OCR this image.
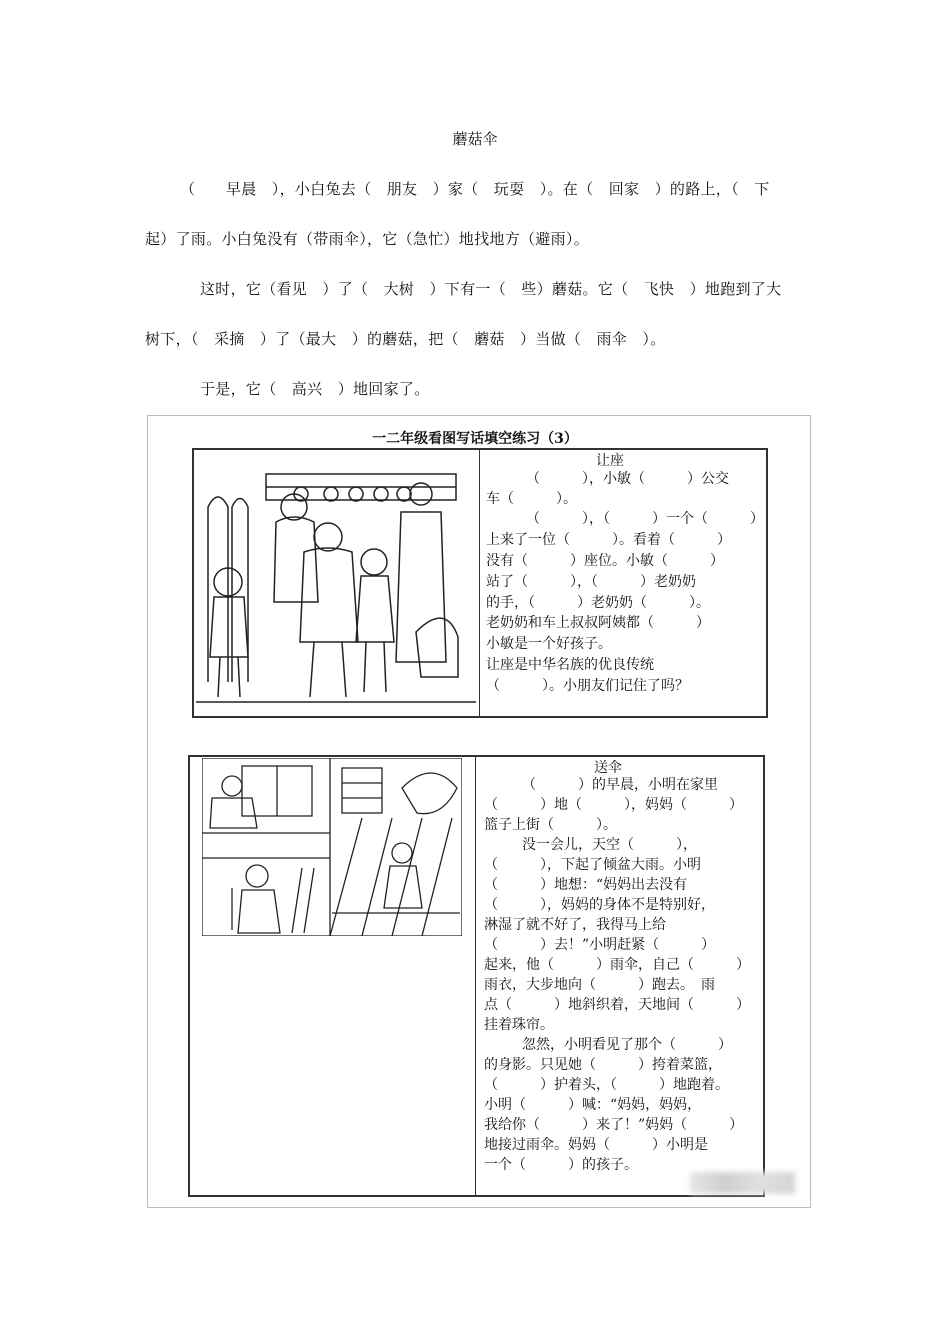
蘑菇伞
（　　早晨　），小白兔去（　朋友　）家（　玩耍　）。在（　回家　）的路上，（　下
起）了雨。小白兔没有（带雨伞），它（急忙）地找地方（避雨）。
这时，它（看见　）了（　大树　）下有一（　些）蘑菇。它（　飞快　）地跑到了大
树下，（　采摘　）了（最大　）的蘑菇，把（　蘑菇　）当做（　雨伞　）。
于是，它（　高兴　）地回家了。
一二年级看图写话填空练习（3）
让座
（　　　），小敏（　　　）公交
车（　　　）。
（　　　），（　　　）一个（　　　）
上来了一位（　　　）。看着（　　　）
没有（　　　）座位。小敏（　　　）
站了（　　　），（　　　）老奶奶
的手，（　　　）老奶奶（　　　）。
老奶奶和车上叔叔阿姨都（　　　）
小敏是一个好孩子。
让座是中华名族的优良传统
（　　　）。小朋友们记住了吗？
送伞
（　　　）的早晨，小明在家里
（　　　）地（　　　），妈妈（　　　）
篮子上街（　　　）。
没一会儿，天空（　　　），
（　　　），下起了倾盆大雨。小明
（　　　）地想：“妈妈出去没有
（　　　），妈妈的身体不是特别好，
淋湿了就不好了，我得马上给
（　　　）去！”小明赶紧（　　　）
起来，他（　　　）雨伞，自己（　　　）
雨衣，大步地向（　　　）跑去。　雨
点（　　　）地斜织着，天地间（　　　）
挂着珠帘。
忽然，小明看见了那个（　　　）
的身影。只见她（　　　）挎着菜篮，
（　　　）护着头，（　　　）地跑着。
小明（　　　）喊：“妈妈，妈妈，
我给你（　　　）来了！”妈妈（　　　）
地接过雨伞。妈妈（　　　）小明是
一个（　　　）的孩子。
